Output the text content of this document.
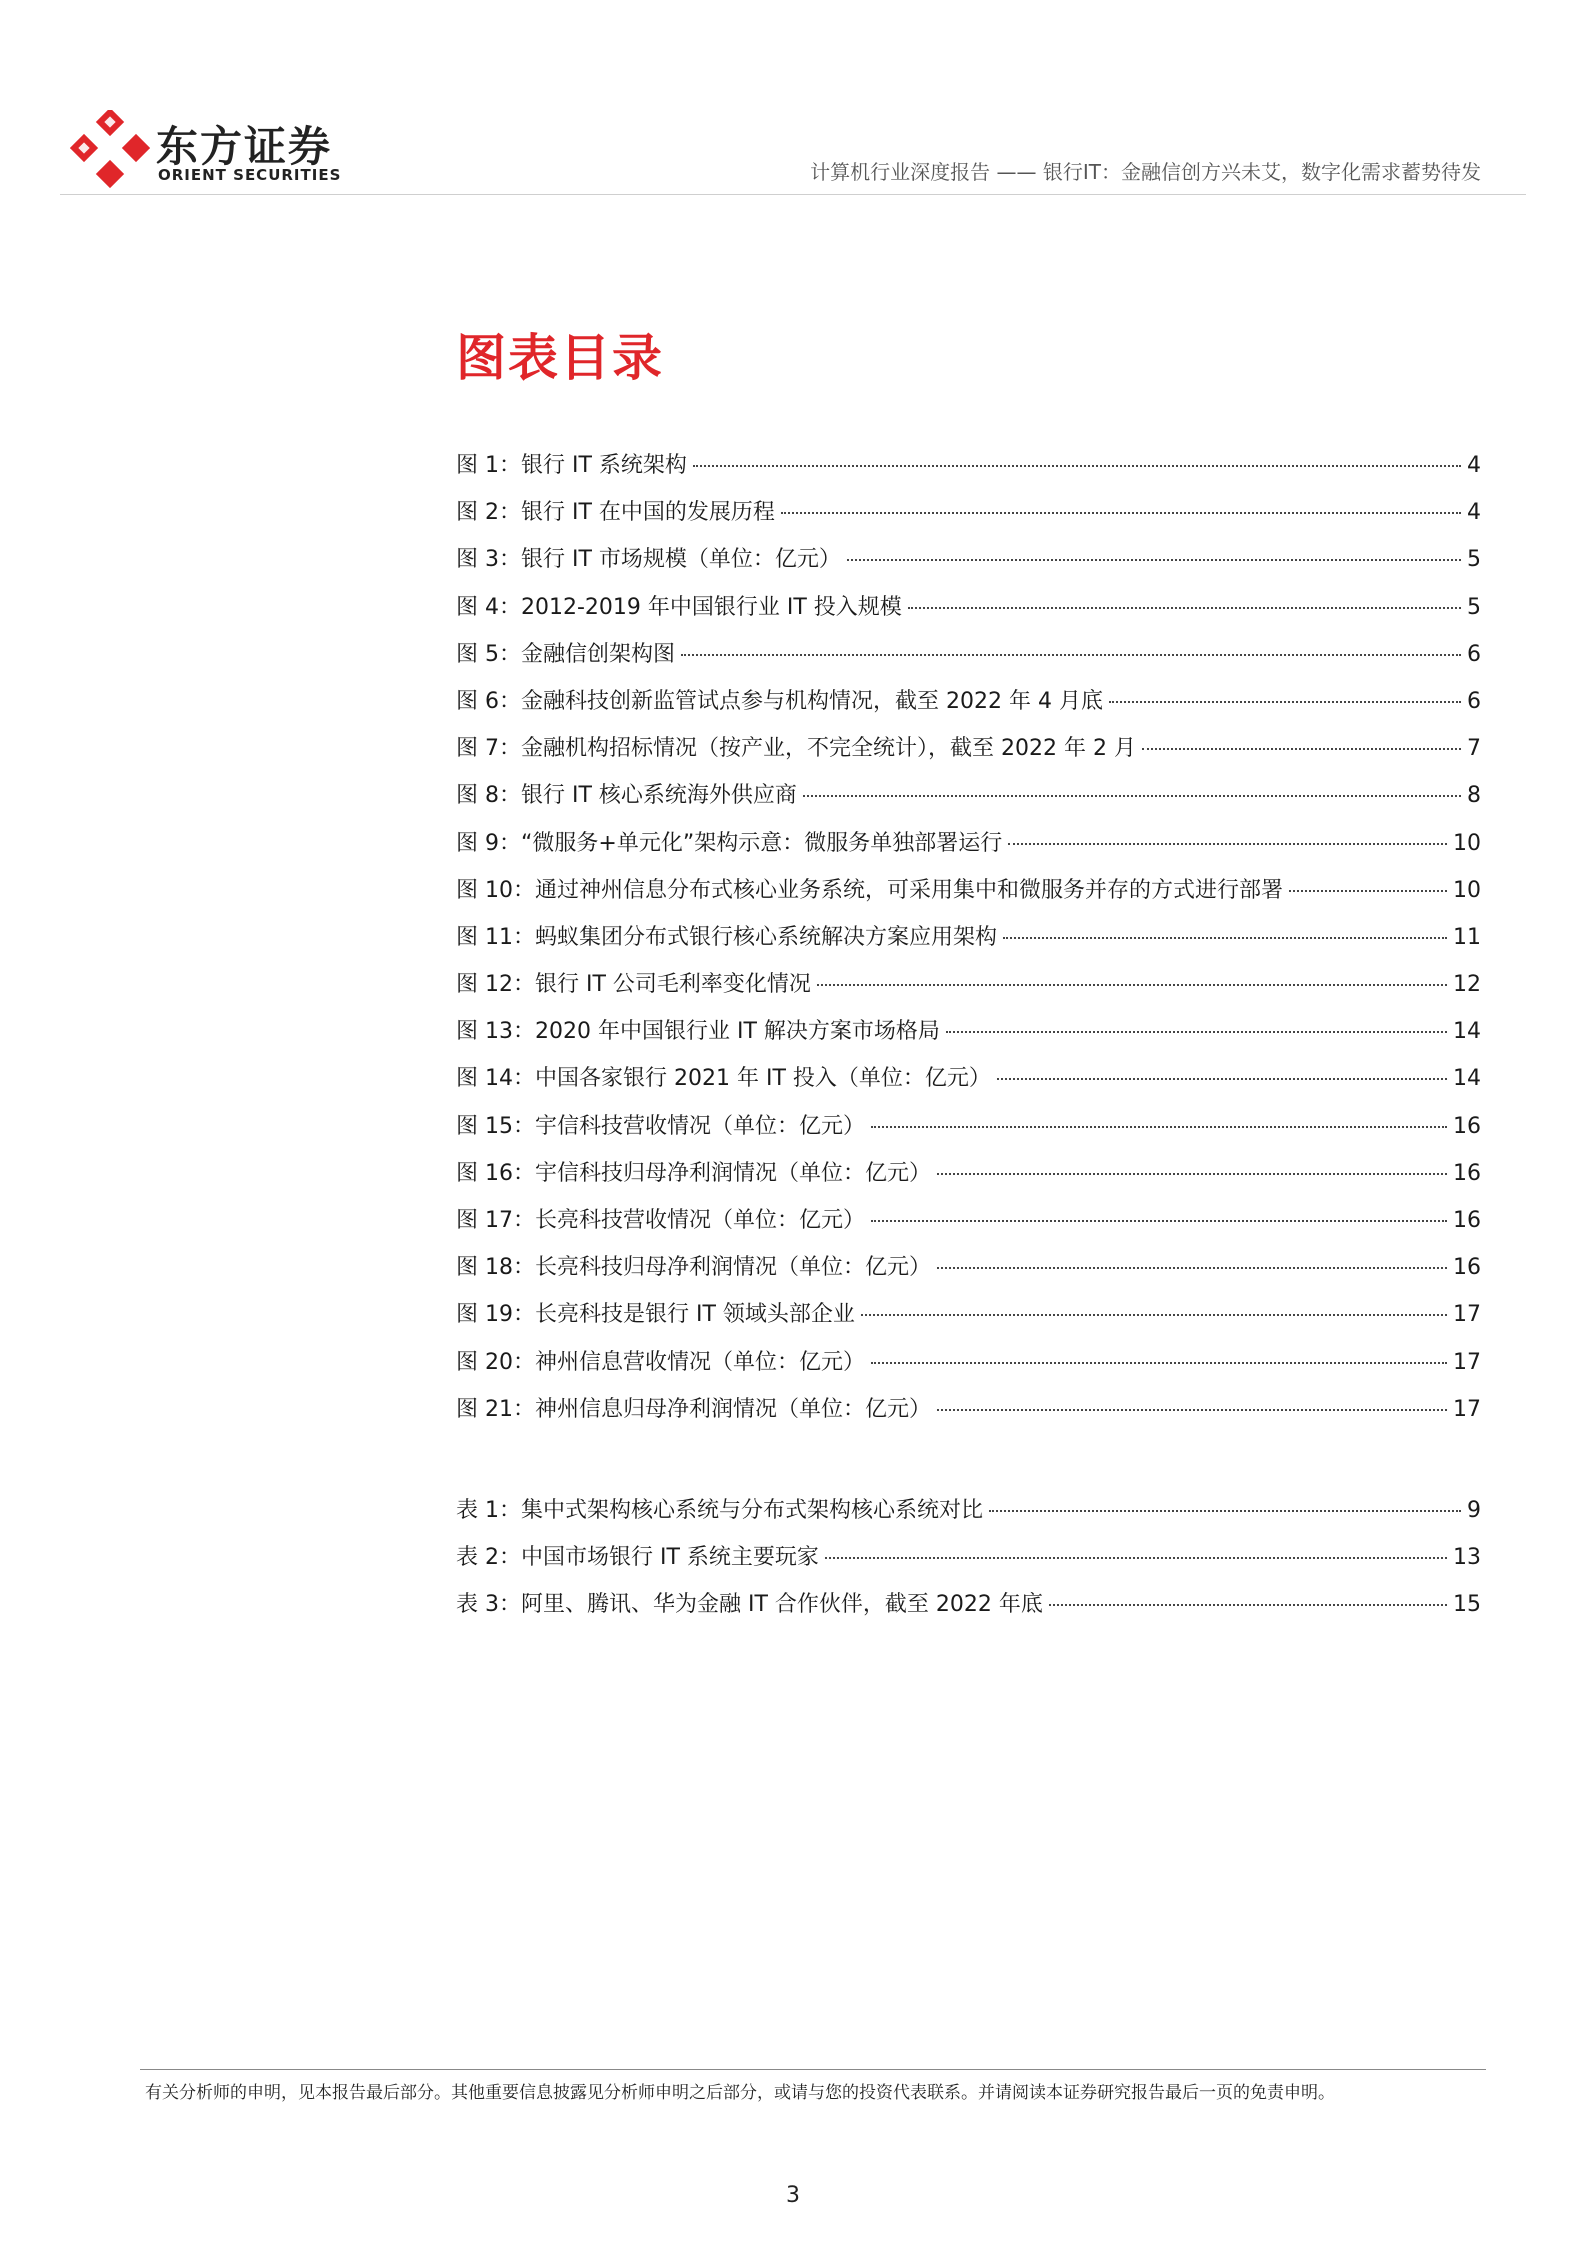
东方证券
ORIENT SECURITIES	计算机行业深度报告 —— 银行IT：金融信创方兴未艾，数字化需求蓄势待发
图表目录
图 1：银行 IT 系统架构	4
图 2：银行 IT 在中国的发展历程	4
图 3：银行 IT 市场规模（单位：亿元）	5
图 4：2012-2019 年中国银行业 IT 投入规模	5
图 5：金融信创架构图	6
图 6：金融科技创新监管试点参与机构情况，截至 2022 年 4 月底	6
图 7：金融机构招标情况（按产业，不完全统计），截至 2022 年 2 月	7
图 8：银行 IT 核心系统海外供应商	8
图 9：“微服务+单元化”架构示意：微服务单独部署运行	10
图 10：通过神州信息分布式核心业务系统，可采用集中和微服务并存的方式进行部署	10
图 11：蚂蚁集团分布式银行核心系统解决方案应用架构	11
图 12：银行 IT 公司毛利率变化情况	12
图 13：2020 年中国银行业 IT 解决方案市场格局	14
图 14：中国各家银行 2021 年 IT 投入（单位：亿元）	14
图 15：宇信科技营收情况（单位：亿元）	16
图 16：宇信科技归母净利润情况（单位：亿元）	16
图 17：长亮科技营收情况（单位：亿元）	16
图 18：长亮科技归母净利润情况（单位：亿元）	16
图 19：长亮科技是银行 IT 领域头部企业	17
图 20：神州信息营收情况（单位：亿元）	17
图 21：神州信息归母净利润情况（单位：亿元）	17
表 1：集中式架构核心系统与分布式架构核心系统对比	9
表 2：中国市场银行 IT 系统主要玩家	13
表 3：阿里、腾讯、华为金融 IT 合作伙伴，截至 2022 年底	15
有关分析师的申明，见本报告最后部分。其他重要信息披露见分析师申明之后部分，或请与您的投资代表联系。并请阅读本证券研究报告最后一页的免责申明。
3
